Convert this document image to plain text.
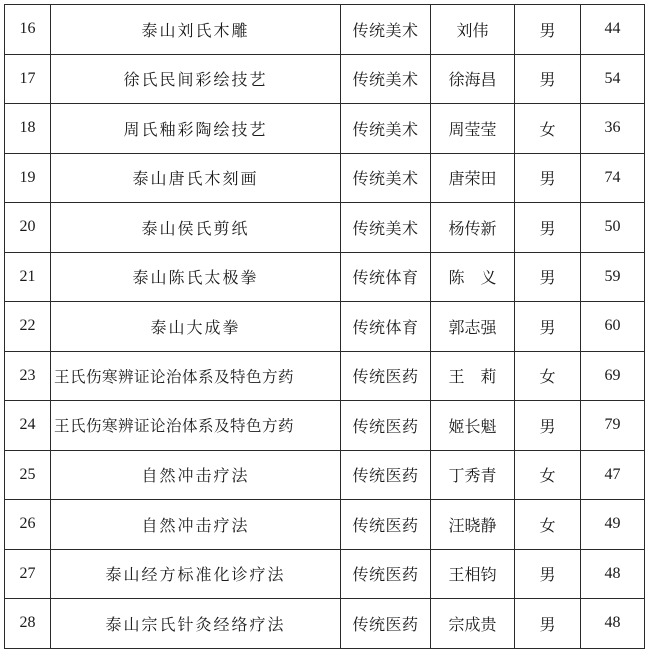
16	泰山刘氏木雕	传统美术	刘伟	男	44
17	徐氏民间彩绘技艺	传统美术	徐海昌	男	54
18	周氏釉彩陶绘技艺	传统美术	周莹莹	女	36
19	泰山唐氏木刻画	传统美术	唐荣田	男	74
20	泰山侯氏剪纸	传统美术	杨传新	男	50
21	泰山陈氏太极拳	传统体育	陈　义	男	59
22	泰山大成拳	传统体育	郭志强	男	60
23	王氏伤寒辨证论治体系及特色方药	传统医药	王　莉	女	69
24	王氏伤寒辨证论治体系及特色方药	传统医药	姬长魁	男	79
25	自然冲击疗法	传统医药	丁秀青	女	47
26	自然冲击疗法	传统医药	汪晓静	女	49
27	泰山经方标准化诊疗法	传统医药	王相钧	男	48
28	泰山宗氏针灸经络疗法	传统医药	宗成贵	男	48
